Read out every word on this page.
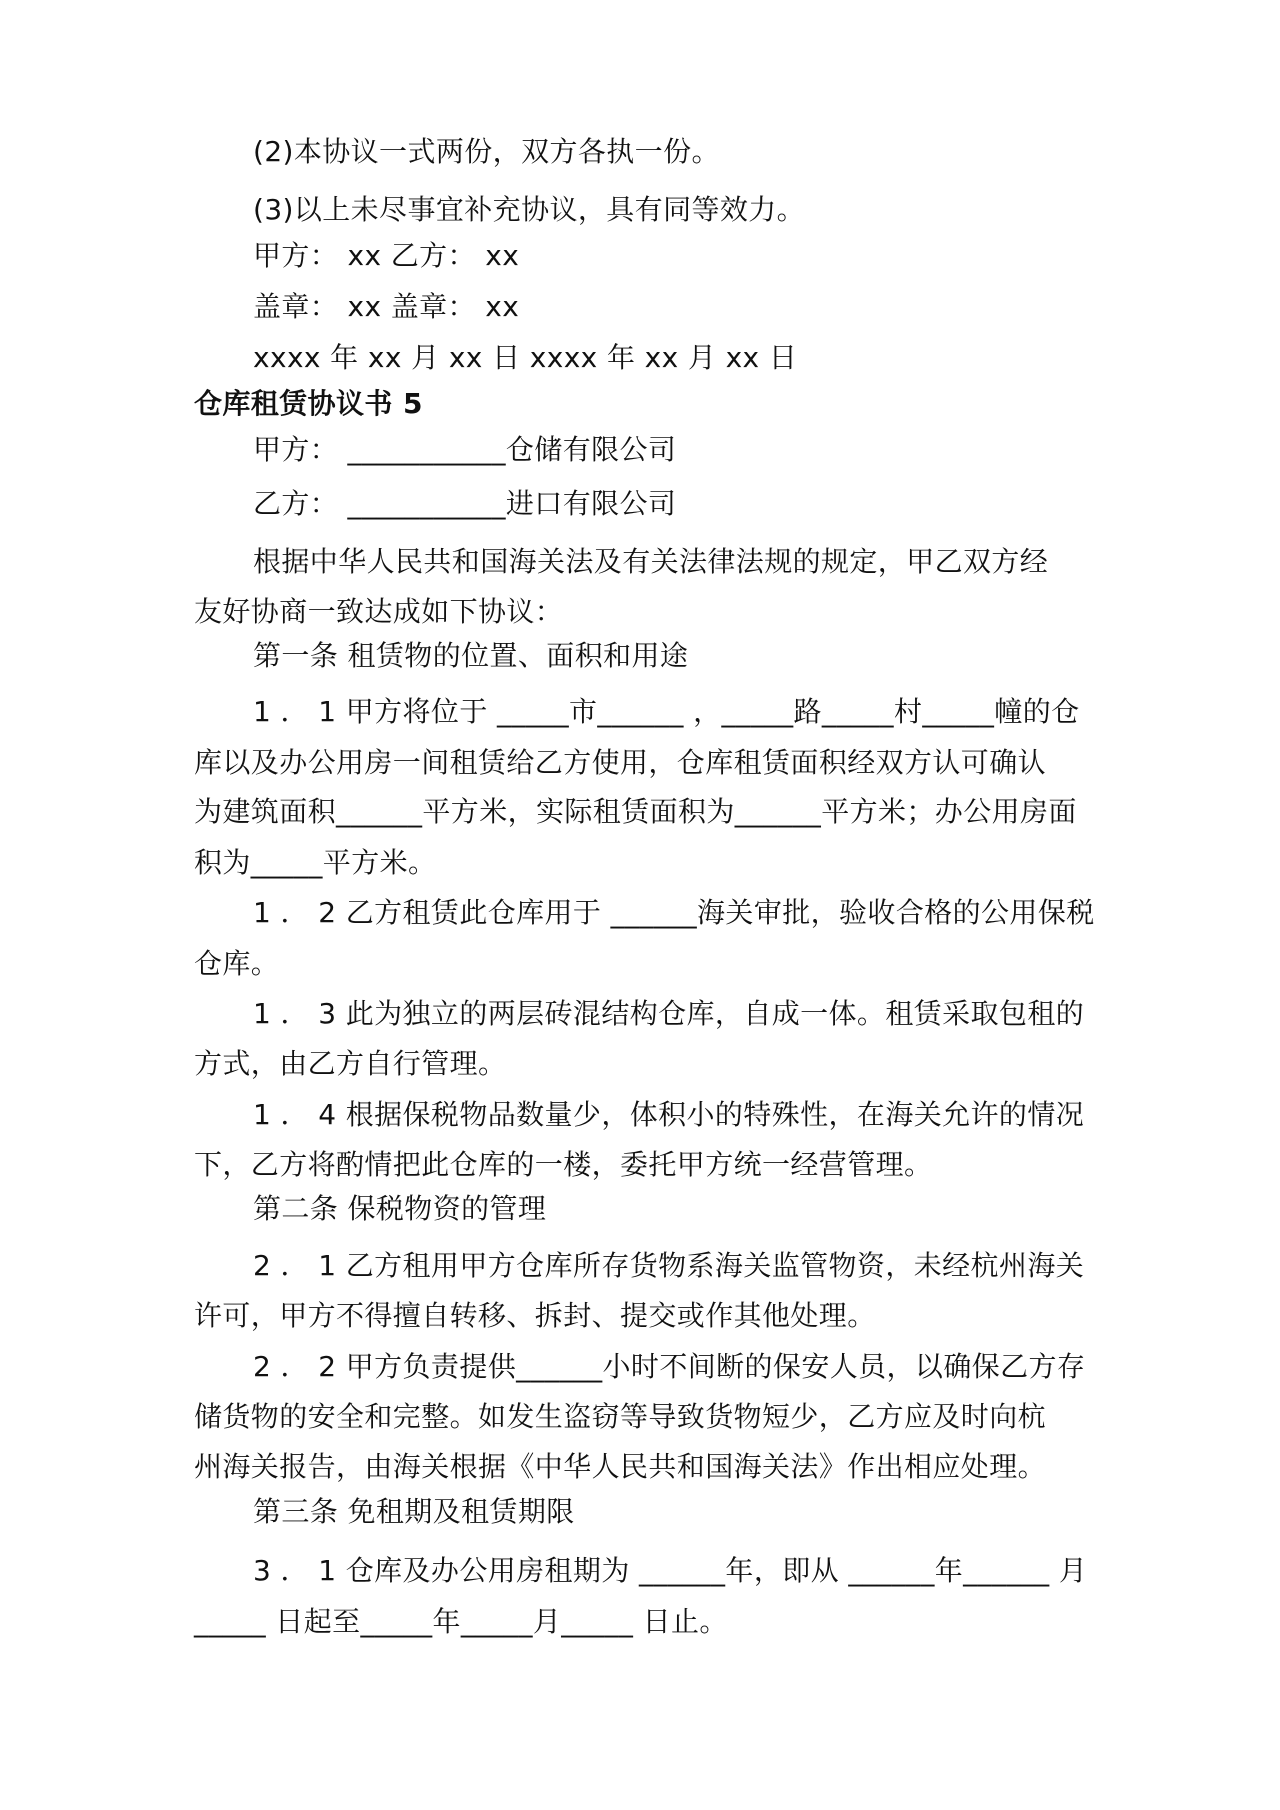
(2)本协议一式两份，双方各执一份。
(3)以上未尽事宜补充协议，具有同等效力。
甲方： xx 乙方： xx
盖章： xx 盖章： xx
xxxx 年 xx 月 xx 日 xxxx 年 xx 月 xx 日
仓库租赁协议书 5
甲方： ___________仓储有限公司
乙方： ___________进口有限公司
根据中华人民共和国海关法及有关法律法规的规定，甲乙双方经
友好协商一致达成如下协议：
第一条 租赁物的位置、面积和用途
1 ． 1 甲方将位于 _____市______ ，_____路_____村_____幢的仓
库以及办公用房一间租赁给乙方使用，仓库租赁面积经双方认可确认
为建筑面积______平方米，实际租赁面积为______平方米；办公用房面
积为_____平方米。
1 ． 2 乙方租赁此仓库用于 ______海关审批，验收合格的公用保税
仓库。
1 ． 3 此为独立的两层砖混结构仓库，自成一体。租赁采取包租的
方式，由乙方自行管理。
1 ． 4 根据保税物品数量少，体积小的特殊性，在海关允许的情况
下，乙方将酌情把此仓库的一楼，委托甲方统一经营管理。
第二条 保税物资的管理
2 ． 1 乙方租用甲方仓库所存货物系海关监管物资，未经杭州海关
许可，甲方不得擅自转移、拆封、提交或作其他处理。
2 ． 2 甲方负责提供______小时不间断的保安人员，以确保乙方存
储货物的安全和完整。如发生盗窃等导致货物短少，乙方应及时向杭
州海关报告，由海关根据《中华人民共和国海关法》作出相应处理。
第三条 免租期及租赁期限
3 ． 1 仓库及办公用房租期为 ______年，即从 ______年______ 月
_____ 日起至_____年_____月_____ 日止。
